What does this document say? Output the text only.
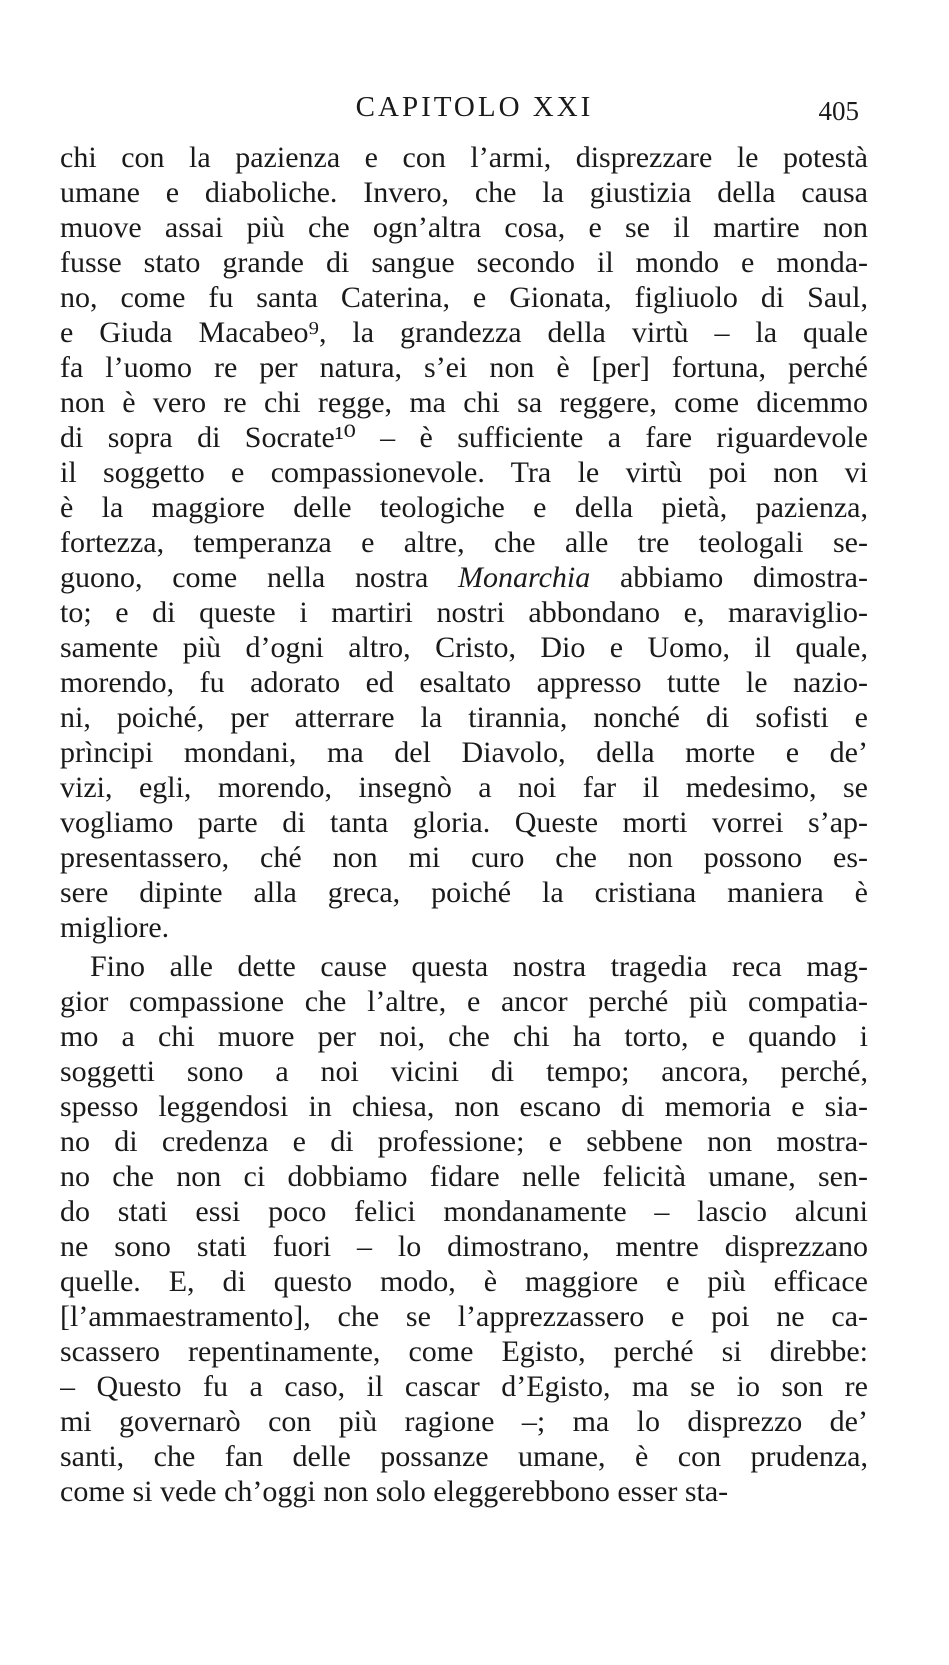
CAPITOLO XXI	405
chi con la pazienza e con l’armi, disprezzare le potestà
umane e diaboliche. Invero, che la giustizia della causa
muove assai più che ogn’altra cosa, e se il martire non
fusse stato grande di sangue secondo il mondo e monda-
no, come fu santa Caterina, e Gionata, figliuolo di Saul,
e Giuda Macabeo⁹, la grandezza della virtù – la quale
fa l’uomo re per natura, s’ei non è [per] fortuna, perché
non è vero re chi regge, ma chi sa reggere, come dicemmo
di sopra di Socrate¹⁰ – è sufficiente a fare riguardevole
il soggetto e compassionevole. Tra le virtù poi non vi
è la maggiore delle teologiche e della pietà, pazienza,
fortezza, temperanza e altre, che alle tre teologali se-
guono, come nella nostra Monarchia abbiamo dimostra-
to; e di queste i martiri nostri abbondano e, maraviglio-
samente più d’ogni altro, Cristo, Dio e Uomo, il quale,
morendo, fu adorato ed esaltato appresso tutte le nazio-
ni, poiché, per atterrare la tirannia, nonché di sofisti e
prìncipi mondani, ma del Diavolo, della morte e de’
vizi, egli, morendo, insegnò a noi far il medesimo, se
vogliamo parte di tanta gloria. Queste morti vorrei s’ap-
presentassero, ché non mi curo che non possono es-
sere dipinte alla greca, poiché la cristiana maniera è
migliore.
Fino alle dette cause questa nostra tragedia reca mag-
gior compassione che l’altre, e ancor perché più compatia-
mo a chi muore per noi, che chi ha torto, e quando i
soggetti sono a noi vicini di tempo; ancora, perché,
spesso leggendosi in chiesa, non escano di memoria e sia-
no di credenza e di professione; e sebbene non mostra-
no che non ci dobbiamo fidare nelle felicità umane, sen-
do stati essi poco felici mondanamente – lascio alcuni
ne sono stati fuori – lo dimostrano, mentre disprezzano
quelle. E, di questo modo, è maggiore e più efficace
[l’ammaestramento], che se l’apprezzassero e poi ne ca-
scassero repentinamente, come Egisto, perché si direbbe:
– Questo fu a caso, il cascar d’Egisto, ma se io son re
mi governarò con più ragione –; ma lo disprezzo de’
santi, che fan delle possanze umane, è con prudenza,
come si vede ch’oggi non solo eleggerebbono esser sta-
